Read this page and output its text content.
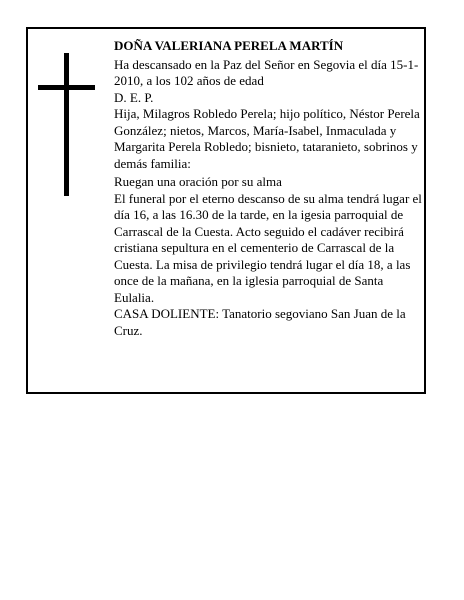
DOÑA VALERIANA PERELA MARTÍN

Ha descansado en la Paz del Señor en Segovia el día 15-1-2010, a los 102 años de edad

D. E. P.

Hija, Milagros Robledo Perela; hijo político, Néstor Perela González; nietos, Marcos, María-Isabel, Inmaculada y Margarita Perela Robledo; bisnieto, tataranieto, sobrinos y demás familia:

Ruegan una oración por su alma

El funeral por el eterno descanso de su alma tendrá lugar el día 16, a las 16.30 de la tarde, en la igesia parroquial de Carrascal de la Cuesta. Acto seguido el cadáver recibirá cristiana sepultura en el cementerio de Carrascal de la Cuesta. La misa de privilegio tendrá lugar el día 18, a las once de la mañana, en la iglesia parroquial de Santa Eulalia.

CASA DOLIENTE: Tanatorio segoviano San Juan de la Cruz.
